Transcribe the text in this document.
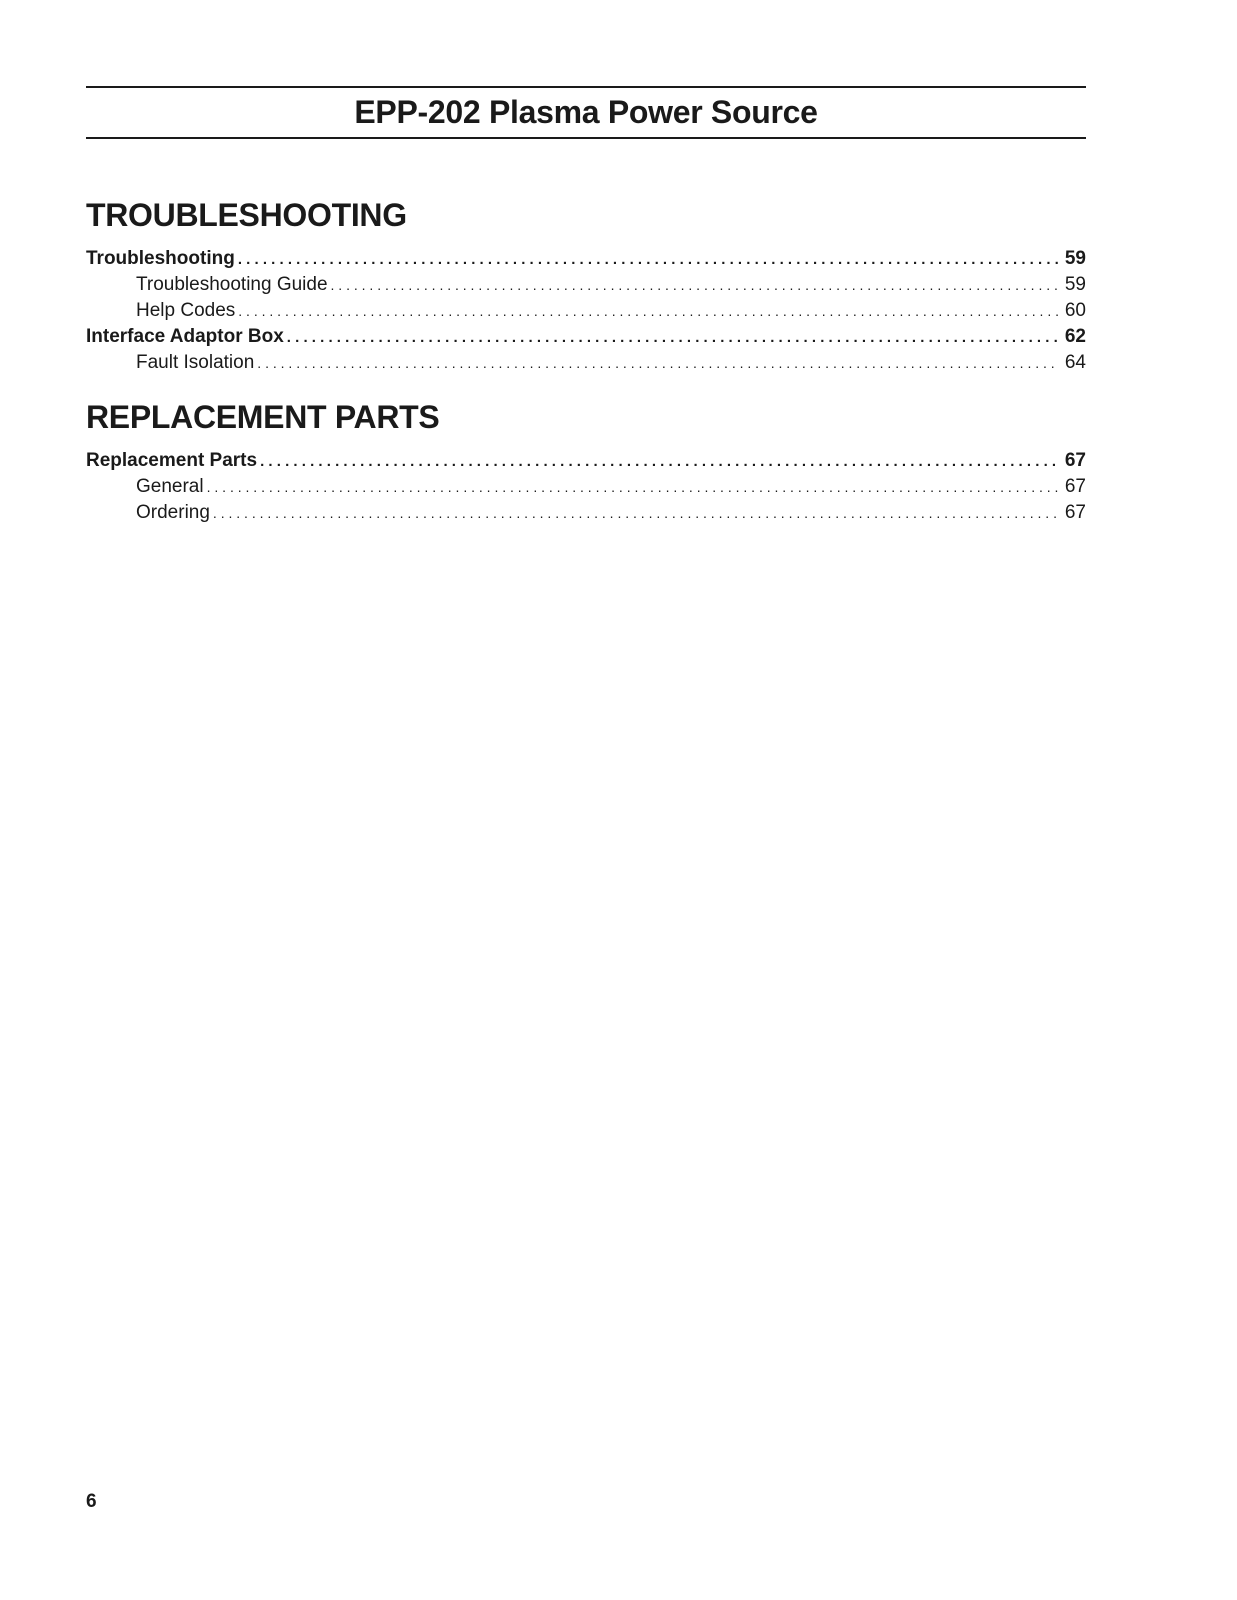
EPP-202 Plasma Power Source
TROUBLESHOOTING
Troubleshooting . . .	59
Troubleshooting Guide . . .	59
Help Codes . . .	60
Interface Adaptor Box . . .	62
Fault Isolation . . .	64
REPLACEMENT PARTS
Replacement Parts . . .	67
General . . .	67
Ordering . . .	67
6
